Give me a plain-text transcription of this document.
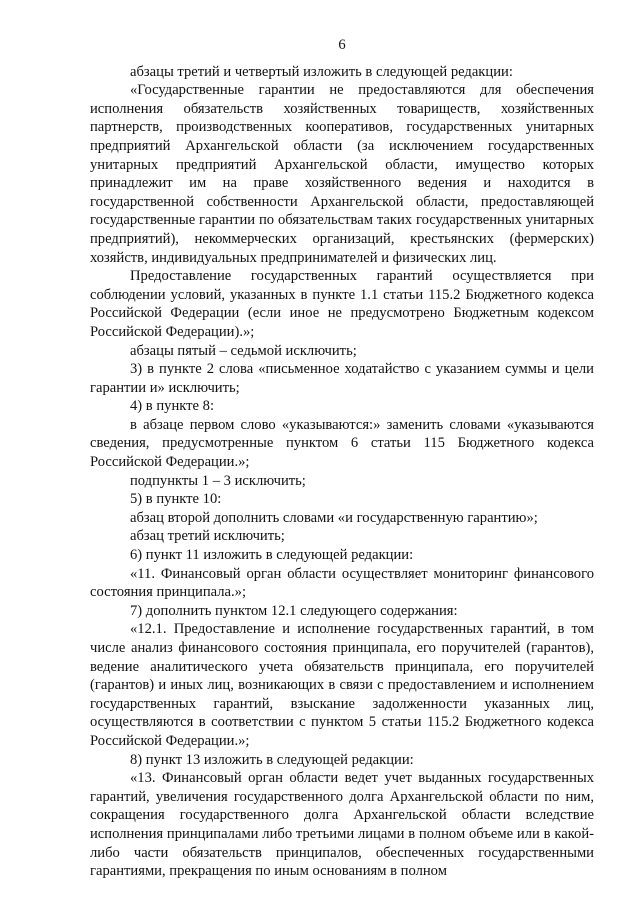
6

абзацы третий и четвертый изложить в следующей редакции:

«Государственные гарантии не предоставляются для обеспечения исполнения обязательств хозяйственных товариществ, хозяйственных партнерств, производственных кооперативов, государственных унитарных предприятий Архангельской области (за исключением государственных унитарных предприятий Архангельской области, имущество которых принадлежит им на праве хозяйственного ведения и находится в государственной собственности Архангельской области, предоставляющей государственные гарантии по обязательствам таких государственных унитарных предприятий), некоммерческих организаций, крестьянских (фермерских) хозяйств, индивидуальных предпринимателей и физических лиц.

Предоставление государственных гарантий осуществляется при соблюдении условий, указанных в пункте 1.1 статьи 115.2 Бюджетного кодекса Российской Федерации (если иное не предусмотрено Бюджетным кодексом Российской Федерации).»;

абзацы пятый – седьмой исключить;

3) в пункте 2 слова «письменное ходатайство с указанием суммы и цели гарантии и» исключить;

4) в пункте 8:

в абзаце первом слово «указываются:» заменить словами «указываются сведения, предусмотренные пунктом 6 статьи 115 Бюджетного кодекса Российской Федерации.»;

подпункты 1 – 3 исключить;

5) в пункте 10:

абзац второй дополнить словами «и государственную гарантию»;

абзац третий исключить;

6) пункт 11 изложить в следующей редакции:

«11. Финансовый орган области осуществляет мониторинг финансового состояния принципала.»;

7) дополнить пунктом 12.1 следующего содержания:

«12.1. Предоставление и исполнение государственных гарантий, в том числе анализ финансового состояния принципала, его поручителей (гарантов), ведение аналитического учета обязательств принципала, его поручителей (гарантов) и иных лиц, возникающих в связи с предоставлением и исполнением государственных гарантий, взыскание задолженности указанных лиц, осуществляются в соответствии с пунктом 5 статьи 115.2 Бюджетного кодекса Российской Федерации.»;

8) пункт 13 изложить в следующей редакции:

«13. Финансовый орган области ведет учет выданных государственных гарантий, увеличения государственного долга Архангельской области по ним, сокращения государственного долга Архангельской области вследствие исполнения принципалами либо третьими лицами в полном объеме или в какой-либо части обязательств принципалов, обеспеченных государственными гарантиями, прекращения по иным основаниям в полном
